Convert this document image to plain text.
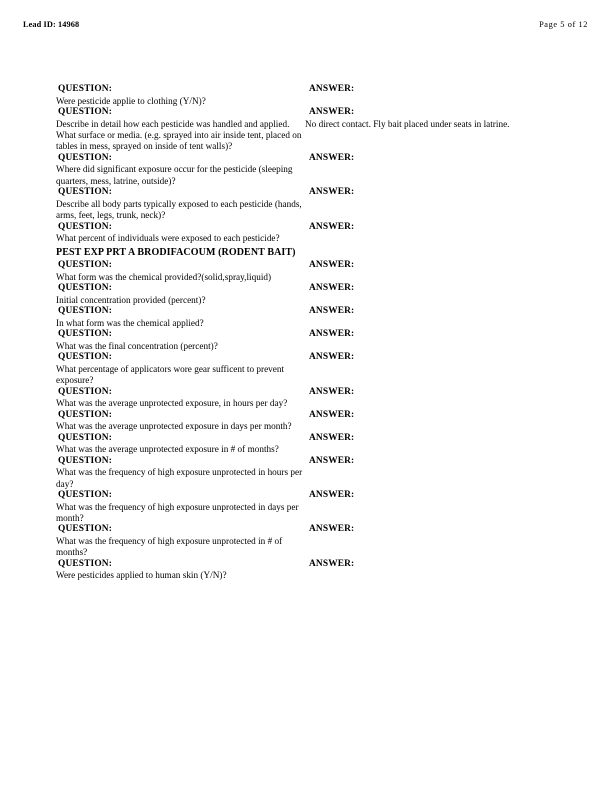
Lead ID: 14968	Page 5 of 12
QUESTION:	ANSWER:
Were pesticide applie to clothing (Y/N)?
QUESTION:	ANSWER:
Describe in detail how each pesticide was handled and applied. What surface or media. (e.g. sprayed into air inside tent, placed on tables in mess, sprayed on inside of tent walls)?
No direct contact. Fly bait placed under seats in latrine.
QUESTION:	ANSWER:
Where did significant exposure occur for the pesticide (sleeping quarters, mess, latrine, outside)?
QUESTION:	ANSWER:
Describe all body parts typically exposed to each pesticide (hands, arms, feet, legs, trunk, neck)?
QUESTION:	ANSWER:
What percent of individuals were exposed to each pesticide?
PEST EXP PRT A BRODIFACOUM (RODENT BAIT)
QUESTION:	ANSWER:
What form was the chemical provided?(solid,spray,liquid)
QUESTION:	ANSWER:
Initial concentration provided (percent)?
QUESTION:	ANSWER:
In what form was the chemical applied?
QUESTION:	ANSWER:
What was the final concentration (percent)?
QUESTION:	ANSWER:
What percentage of applicators wore gear sufficent to prevent exposure?
QUESTION:	ANSWER:
What was the average unprotected exposure, in hours per day?
QUESTION:	ANSWER:
What was the average unprotected exposure in days per month?
QUESTION:	ANSWER:
What was the average unprotected exposure in # of months?
QUESTION:	ANSWER:
What was the frequency of high exposure unprotected in hours per day?
QUESTION:	ANSWER:
What was the frequency of high exposure unprotected in days per month?
QUESTION:	ANSWER:
What was the frequency of high exposure unprotected in # of months?
QUESTION:	ANSWER:
Were pesticides applied to human skin (Y/N)?
